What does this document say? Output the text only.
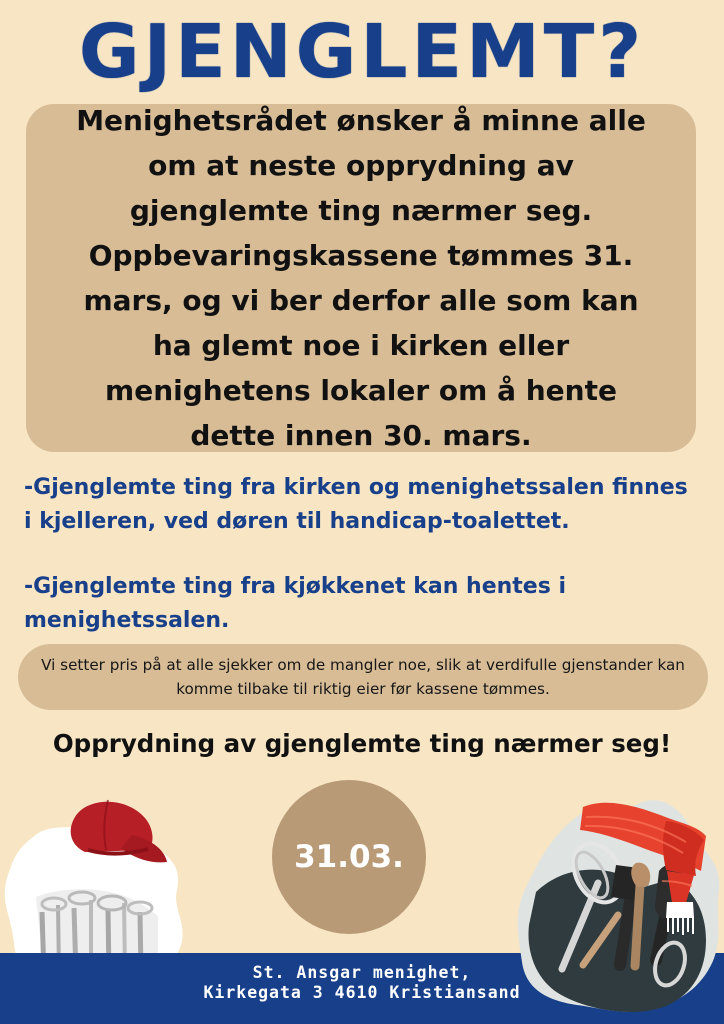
GJENGLEMT?
Menighetsrådet ønsker å minne alle om at neste opprydning av gjenglemte ting nærmer seg. Oppbevaringskassene tømmes 31. mars, og vi ber derfor alle som kan ha glemt noe i kirken eller menighetens lokaler om å hente dette innen 30. mars.
-Gjenglemte ting fra kirken og menighetssalen finnes i kjelleren, ved døren til handicap-toalettet.
-Gjenglemte ting fra kjøkkenet kan hentes i menighetssalen.
Vi setter pris på at alle sjekker om de mangler noe, slik at verdifulle gjenstander kan komme tilbake til riktig eier før kassene tømmes.
Opprydning av gjenglemte ting nærmer seg!
31.03.
St. Ansgar menighet,
Kirkegata 3 4610 Kristiansand
